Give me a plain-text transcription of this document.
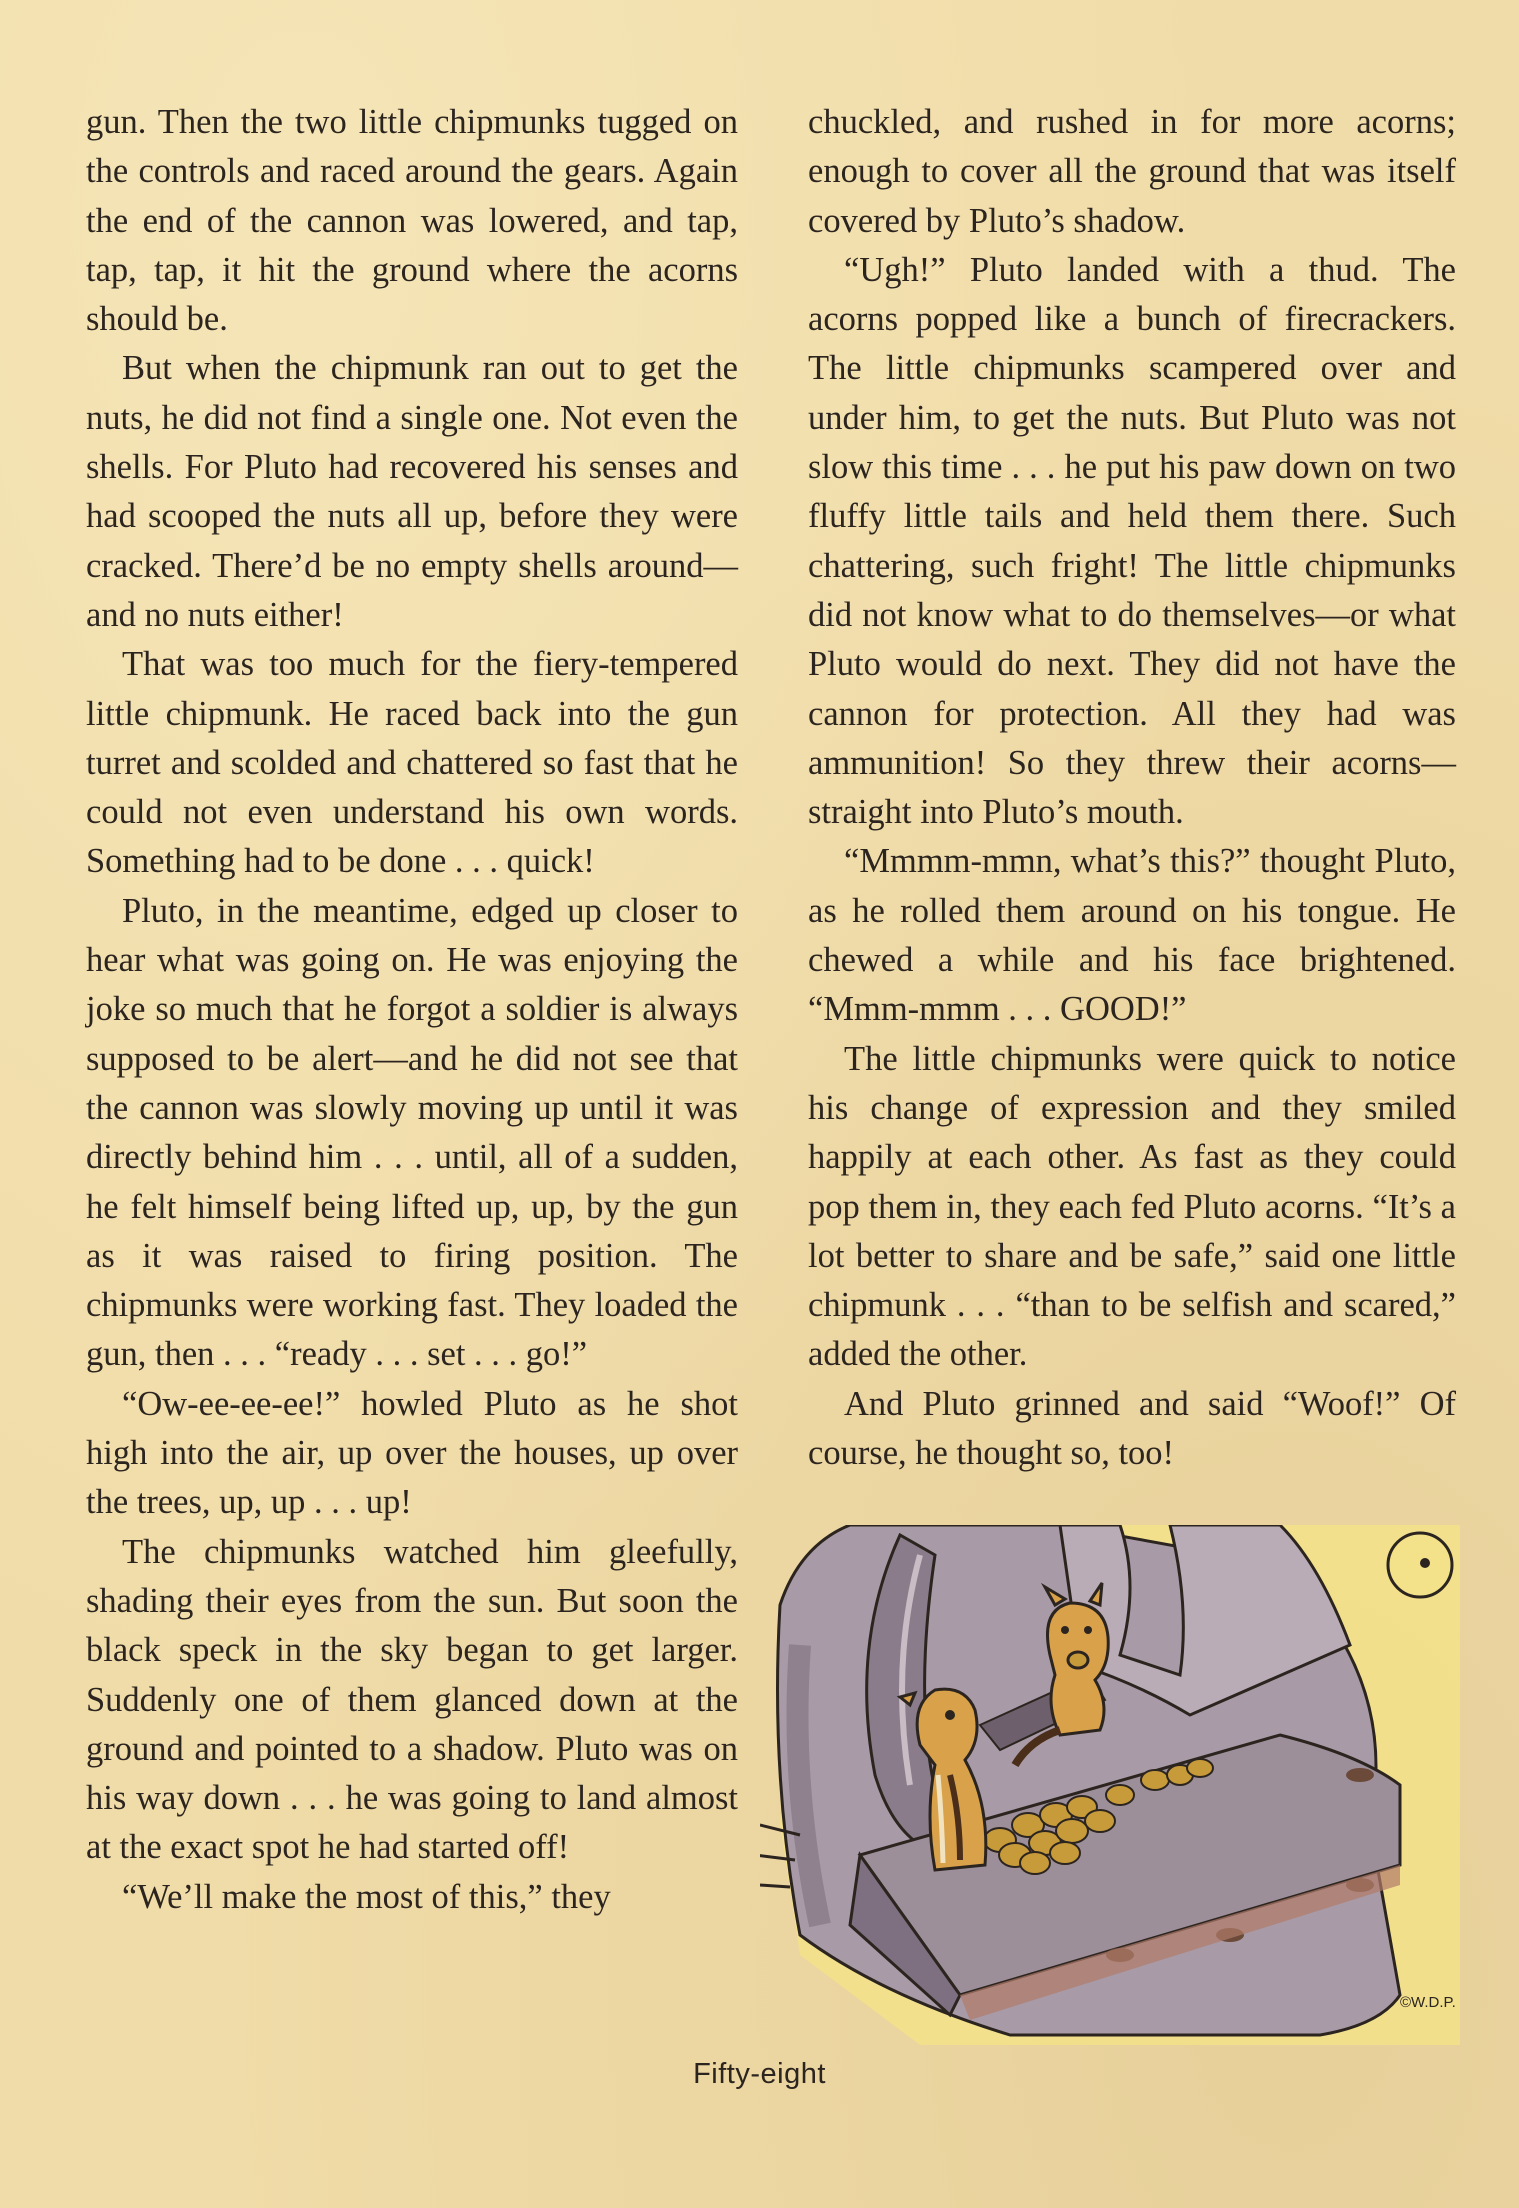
gun. Then the two little chipmunks tugged on the controls and raced around the gears. Again the end of the cannon was lowered, and tap, tap, tap, it hit the ground where the acorns should be.

But when the chipmunk ran out to get the nuts, he did not find a single one. Not even the shells. For Pluto had recovered his senses and had scooped the nuts all up, before they were cracked. There’d be no empty shells around—and no nuts either!

That was too much for the fiery-tempered little chipmunk. He raced back into the gun turret and scolded and chattered so fast that he could not even understand his own words. Something had to be done . . . quick!

Pluto, in the meantime, edged up closer to hear what was going on. He was enjoying the joke so much that he forgot a soldier is always supposed to be alert—and he did not see that the cannon was slowly moving up until it was directly behind him . . . until, all of a sudden, he felt himself being lifted up, up, by the gun as it was raised to firing position. The chipmunks were working fast. They loaded the gun, then . . . “ready . . . set . . . go!”

“Ow-ee-ee-ee!” howled Pluto as he shot high into the air, up over the houses, up over the trees, up, up . . . up!

The chipmunks watched him gleefully, shading their eyes from the sun. But soon the black speck in the sky began to get larger. Suddenly one of them glanced down at the ground and pointed to a shadow. Pluto was on his way down . . . he was going to land almost at the exact spot he had started off!

“We’ll make the most of this,” they

chuckled, and rushed in for more acorns; enough to cover all the ground that was itself covered by Pluto’s shadow.

“Ugh!” Pluto landed with a thud. The acorns popped like a bunch of firecrackers. The little chipmunks scampered over and under him, to get the nuts. But Pluto was not slow this time . . . he put his paw down on two fluffy little tails and held them there. Such chattering, such fright! The little chipmunks did not know what to do themselves—or what Pluto would do next. They did not have the cannon for protection. All they had was ammunition! So they threw their acorns—straight into Pluto’s mouth.

“Mmmm-mmn, what’s this?” thought Pluto, as he rolled them around on his tongue. He chewed a while and his face brightened. “Mmm-mmm . . . GOOD!”

The little chipmunks were quick to notice his change of expression and they smiled happily at each other. As fast as they could pop them in, they each fed Pluto acorns. “It’s a lot better to share and be safe,” said one little chipmunk . . . “than to be selfish and scared,” added the other.

And Pluto grinned and said “Woof!” Of course, he thought so, too!

©W.D.P.
Fifty-eight
